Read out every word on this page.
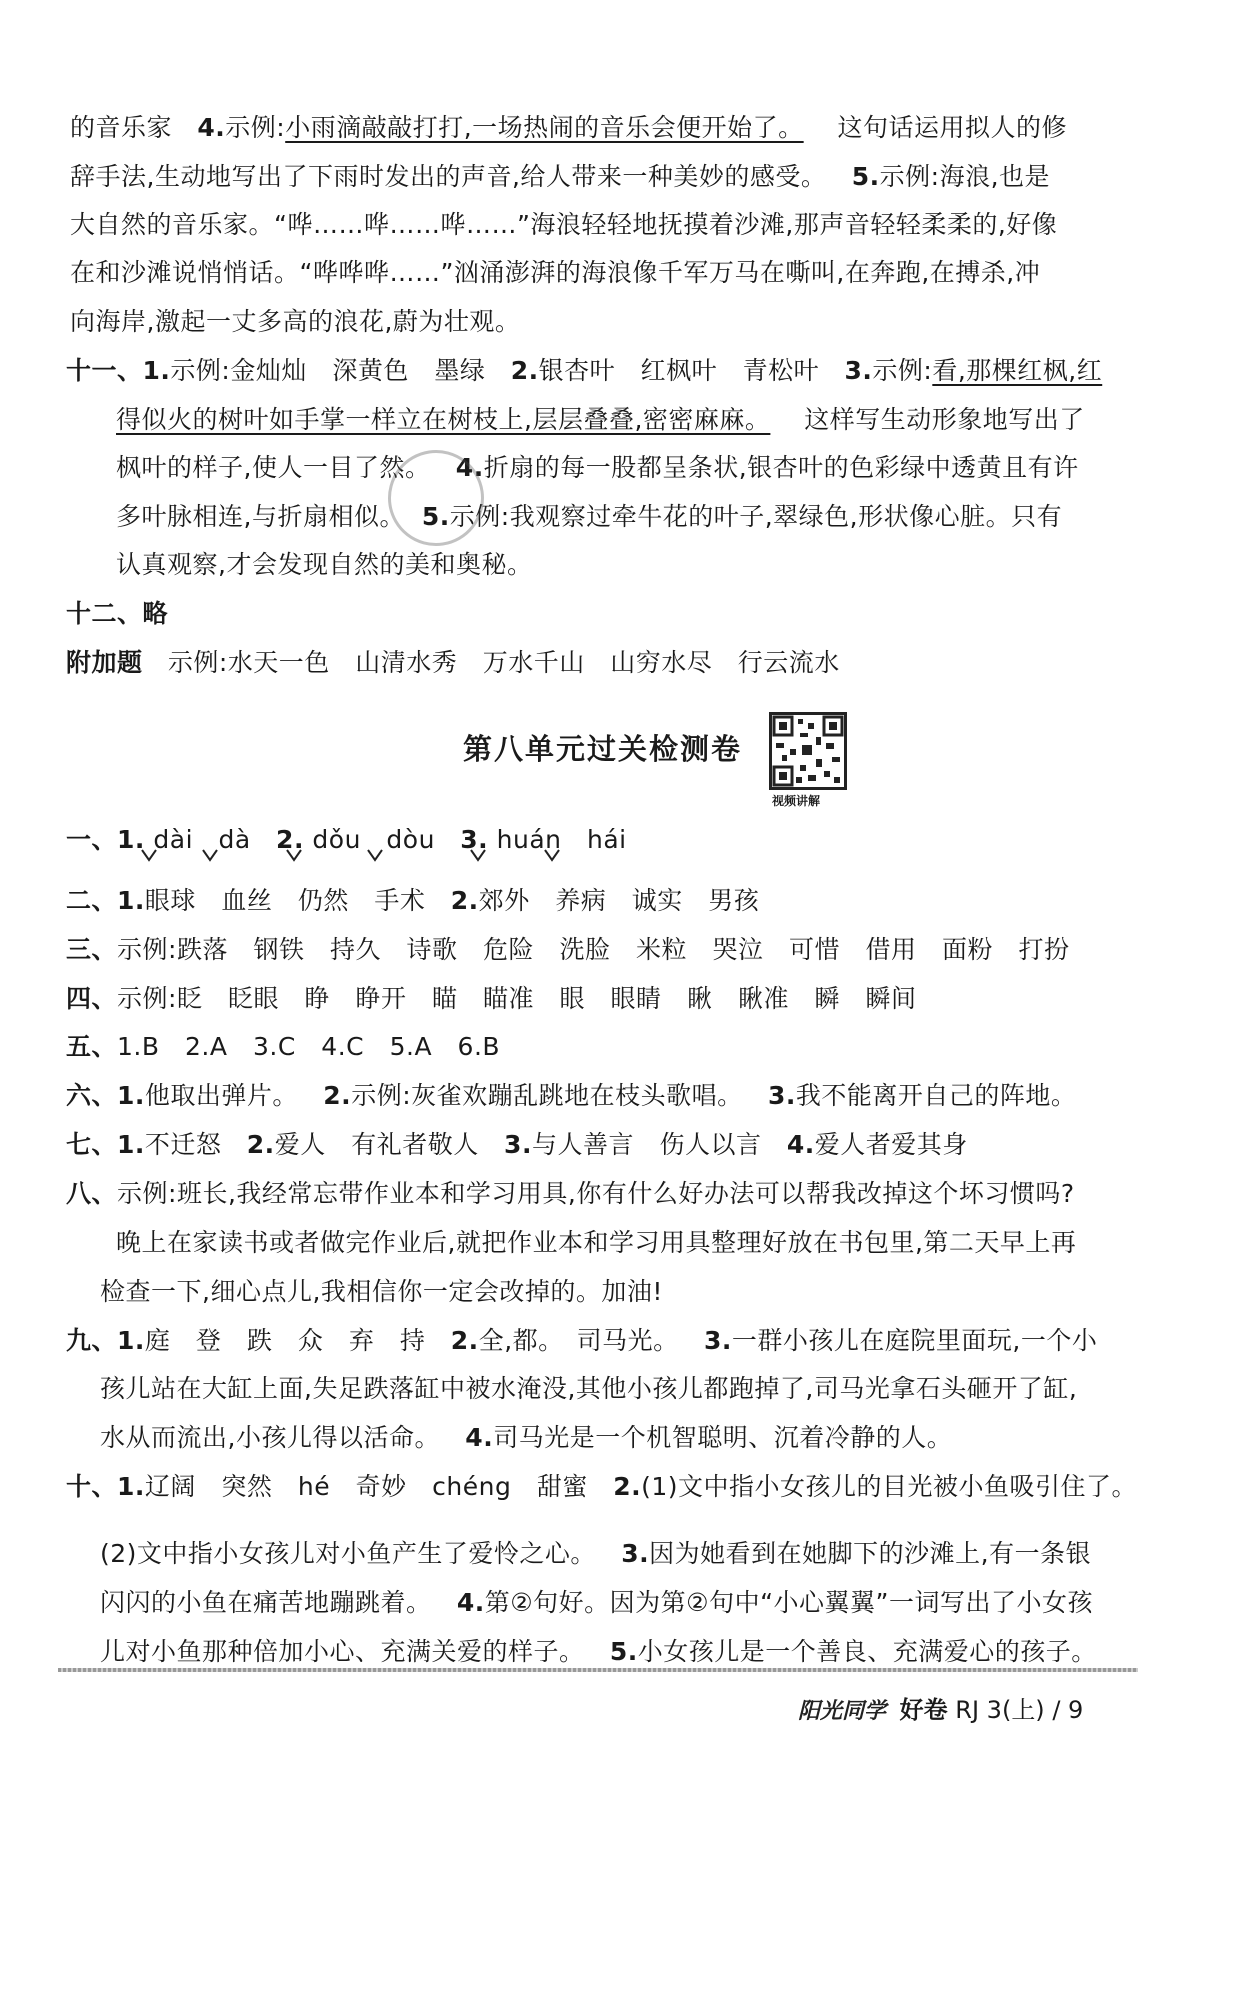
的音乐家 4.示例:小雨滴敲敲打打,一场热闹的音乐会便开始了。 这句话运用拟人的修
辞手法,生动地写出了下雨时发出的声音,给人带来一种美妙的感受。 5.示例:海浪,也是
大自然的音乐家。“哗……哗……哗……”海浪轻轻地抚摸着沙滩,那声音轻轻柔柔的,好像
在和沙滩说悄悄话。“哗哗哗……”汹涌澎湃的海浪像千军万马在嘶叫,在奔跑,在搏杀,冲
向海岸,激起一丈多高的浪花,蔚为壮观。
十一、1.示例:金灿灿　深黄色　墨绿 2.银杏叶　红枫叶　青松叶 3.示例:看,那棵红枫,红
得似火的树叶如手掌一样立在树枝上,层层叠叠,密密麻麻。 这样写生动形象地写出了
枫叶的样子,使人一目了然。 4.折扇的每一股都呈条状,银杏叶的色彩绿中透黄且有许
多叶脉相连,与折扇相似。 5.示例:我观察过牵牛花的叶子,翠绿色,形状像心脏。只有
认真观察,才会发现自然的美和奥秘。
十二、略
附加题 示例:水天一色　山清水秀　万水千山　山穷水尽　行云流水
第八单元过关检测卷
视频讲解
一、1. dài　dà 2. dǒu　dòu 3. huán　hái
二、1.眼球　血丝　仍然　手术 2.郊外　养病　诚实　男孩
三、示例:跌落　钢铁　持久　诗歌　危险　洗脸　米粒　哭泣　可惜　借用　面粉　打扮
四、示例:眨　眨眼　睁　睁开　瞄　瞄准　眼　眼睛　瞅　瞅准　瞬　瞬间
五、1.B　2.A　3.C　4.C　5.A　6.B
六、1.他取出弹片。 2.示例:灰雀欢蹦乱跳地在枝头歌唱。 3.我不能离开自己的阵地。
七、1.不迁怒 2.爱人　有礼者敬人 3.与人善言　伤人以言 4.爱人者爱其身
八、示例:班长,我经常忘带作业本和学习用具,你有什么好办法可以帮我改掉这个坏习惯吗?
晚上在家读书或者做完作业后,就把作业本和学习用具整理好放在书包里,第二天早上再
检查一下,细心点儿,我相信你一定会改掉的。加油!
九、1.庭　登　跌　众　弃　持 2.全,都。　司马光。 3.一群小孩儿在庭院里面玩,一个小
孩儿站在大缸上面,失足跌落缸中被水淹没,其他小孩儿都跑掉了,司马光拿石头砸开了缸,
水从而流出,小孩儿得以活命。 4.司马光是一个机智聪明、沉着冷静的人。
十、1.辽阔　突然　hé　奇妙　chéng　甜蜜 2.(1)文中指小女孩儿的目光被小鱼吸引住了。
(2)文中指小女孩儿对小鱼产生了爱怜之心。 3.因为她看到在她脚下的沙滩上,有一条银
闪闪的小鱼在痛苦地蹦跳着。 4.第②句好。因为第②句中“小心翼翼”一词写出了小女孩
儿对小鱼那种倍加小心、充满关爱的样子。 5.小女孩儿是一个善良、充满爱心的孩子。
阳光同学 好卷 RJ 3(上) / 9
